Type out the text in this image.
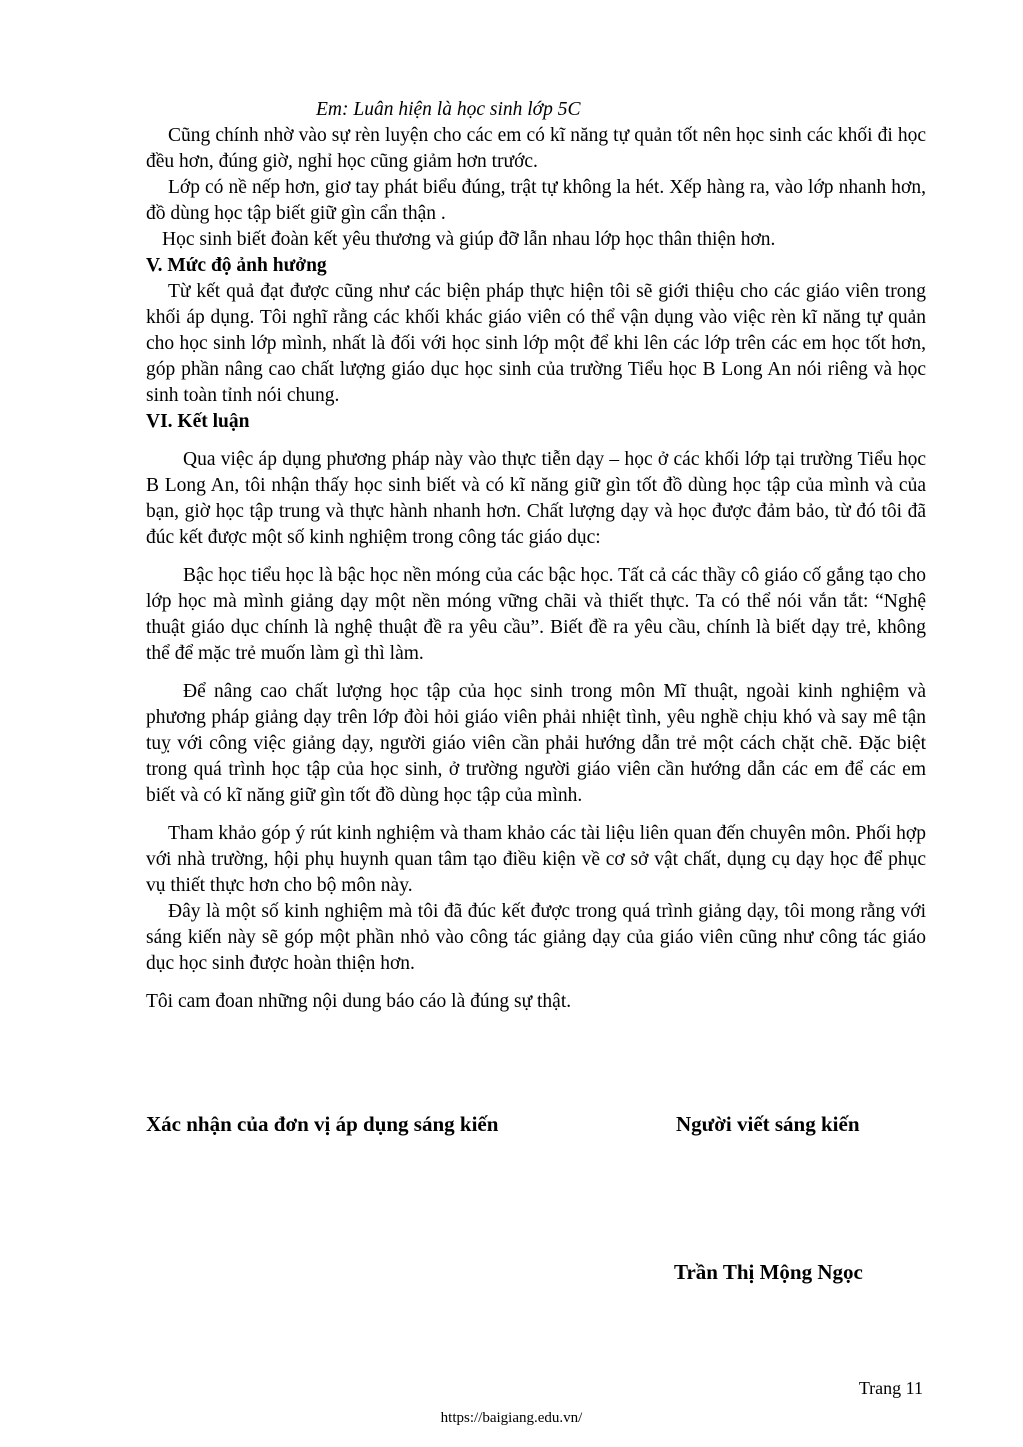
Em: Luân hiện là học sinh lớp 5C

Cũng chính nhờ vào sự rèn luyện cho các em có kĩ năng tự quản tốt nên học sinh các khối đi học đều hơn, đúng giờ, nghỉ học cũng giảm hơn trước.

Lớp có nề nếp hơn, giơ tay phát biểu đúng, trật tự không la hét. Xếp hàng ra, vào lớp nhanh hơn, đồ dùng học tập biết giữ gìn cẩn thận .

Học sinh biết đoàn kết yêu thương và giúp đỡ lẫn nhau lớp học thân thiện hơn.

V. Mức độ ảnh hưởng

Từ kết quả đạt được cũng như các biện pháp thực hiện tôi sẽ giới thiệu cho các giáo viên trong khối áp dụng. Tôi nghĩ rằng các khối khác giáo viên có thể vận dụng vào việc rèn kĩ năng tự quản cho học sinh lớp mình, nhất là đối với học sinh lớp một để khi lên các lớp trên các em học tốt hơn, góp phần nâng cao chất lượng giáo dục học sinh của trường Tiểu học B Long An nói riêng và học sinh toàn tỉnh nói chung.

VI. Kết luận

Qua việc áp dụng phương pháp này vào thực tiễn dạy – học ở các khối lớp tại trường Tiểu học B Long An, tôi nhận thấy học sinh biết và có kĩ năng giữ gìn tốt đồ dùng học tập của mình và của bạn, giờ học tập trung và thực hành nhanh hơn. Chất lượng dạy và học được đảm bảo, từ đó tôi đã đúc kết được một số kinh nghiệm trong công tác giáo dục:

Bậc học tiểu học là bậc học nền móng của các bậc học. Tất cả các thầy cô giáo cố gắng tạo cho lớp học mà mình giảng dạy một nền móng vững chãi và thiết thực. Ta có thể nói vắn tắt: “Nghệ thuật giáo dục chính là nghệ thuật đề ra yêu cầu”. Biết đề ra yêu cầu, chính là biết dạy trẻ, không thể để mặc trẻ muốn làm gì thì làm.

Để nâng cao chất lượng học tập của học sinh trong môn Mĩ thuật, ngoài kinh nghiệm và phương pháp giảng dạy trên lớp đòi hỏi giáo viên phải nhiệt tình, yêu nghề chịu khó và say mê tận tuỵ với công việc giảng dạy, người giáo viên cần phải hướng dẫn trẻ một cách chặt chẽ. Đặc biệt trong quá trình học tập của học sinh, ở trường người giáo viên cần hướng dẫn các em để các em biết và có kĩ năng giữ gìn tốt đồ dùng học tập của mình.

Tham khảo góp ý rút kinh nghiệm và tham khảo các tài liệu liên quan đến chuyên môn. Phối hợp với nhà trường, hội phụ huynh quan tâm tạo điều kiện về cơ sở vật chất, dụng cụ dạy học để phục vụ thiết thực hơn cho bộ môn này.

Đây là một số kinh nghiệm mà tôi đã đúc kết được trong quá trình giảng dạy, tôi mong rằng với sáng kiến này sẽ góp một phần nhỏ vào công tác giảng dạy của giáo viên cũng như công tác giáo dục học sinh được hoàn thiện hơn.

Tôi cam đoan những nội dung báo cáo là đúng sự thật.

Xác nhận của đơn vị áp dụng sáng kiến	Người viết sáng kiến
Trần Thị Mộng Ngọc
Trang 11
https://baigiang.edu.vn/
